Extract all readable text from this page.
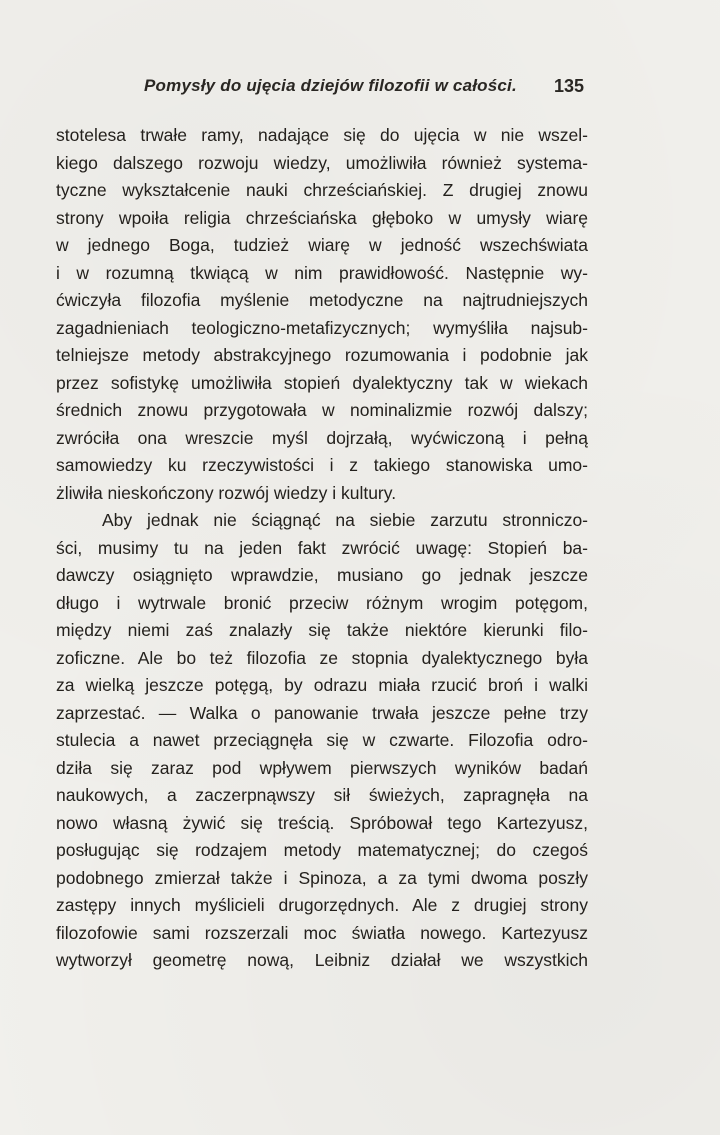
Pomysły do ujęcia dziejów filozofii w całości. 135
stotelesa trwałe ramy, nadające się do ujęcia w nie wszel-
kiego dalszego rozwoju wiedzy, umożliwiła również systema-
tyczne wykształcenie nauki chrześciańskiej. Z drugiej znowu
strony wpoiła religia chrześciańska głęboko w umysły wiarę
w jednego Boga, tudzież wiarę w jedność wszechświata
i w rozumną tkwiącą w nim prawidłowość. Następnie wy-
ćwiczyła filozofia myślenie metodyczne na najtrudniejszych
zagadnieniach teologiczno-metafizycznych; wymyśliła najsub-
telniejsze metody abstrakcyjnego rozumowania i podobnie jak
przez sofistykę umożliwiła stopień dyalektyczny tak w wiekach
średnich znowu przygotowała w nominalizmie rozwój dalszy;
zwróciła ona wreszcie myśl dojrzałą, wyćwiczoną i pełną
samowiedzy ku rzeczywistości i z takiego stanowiska umo-
żliwiła nieskończony rozwój wiedzy i kultury.
Aby jednak nie ściągnąć na siebie zarzutu stronniczo-
ści, musimy tu na jeden fakt zwrócić uwagę: Stopień ba-
dawczy osiągnięto wprawdzie, musiano go jednak jeszcze
długo i wytrwale bronić przeciw różnym wrogim potęgom,
między niemi zaś znalazły się także niektóre kierunki filo-
zoficzne. Ale bo też filozofia ze stopnia dyalektycznego była
za wielką jeszcze potęgą, by odrazu miała rzucić broń i walki
zaprzestać. — Walka o panowanie trwała jeszcze pełne trzy
stulecia a nawet przeciągnęła się w czwarte. Filozofia odro-
dziła się zaraz pod wpływem pierwszych wyników badań
naukowych, a zaczerpnąwszy sił świeżych, zapragnęła na
nowo własną żywić się treścią. Spróbował tego Kartezyusz,
posługując się rodzajem metody matematycznej; do czegoś
podobnego zmierzał także i Spinoza, a za tymi dwoma poszły
zastępy innych myślicieli drugorzędnych. Ale z drugiej strony
filozofowie sami rozszerzali moc światła nowego. Kartezyusz
wytworzył geometrę nową, Leibniz działał we wszystkich
